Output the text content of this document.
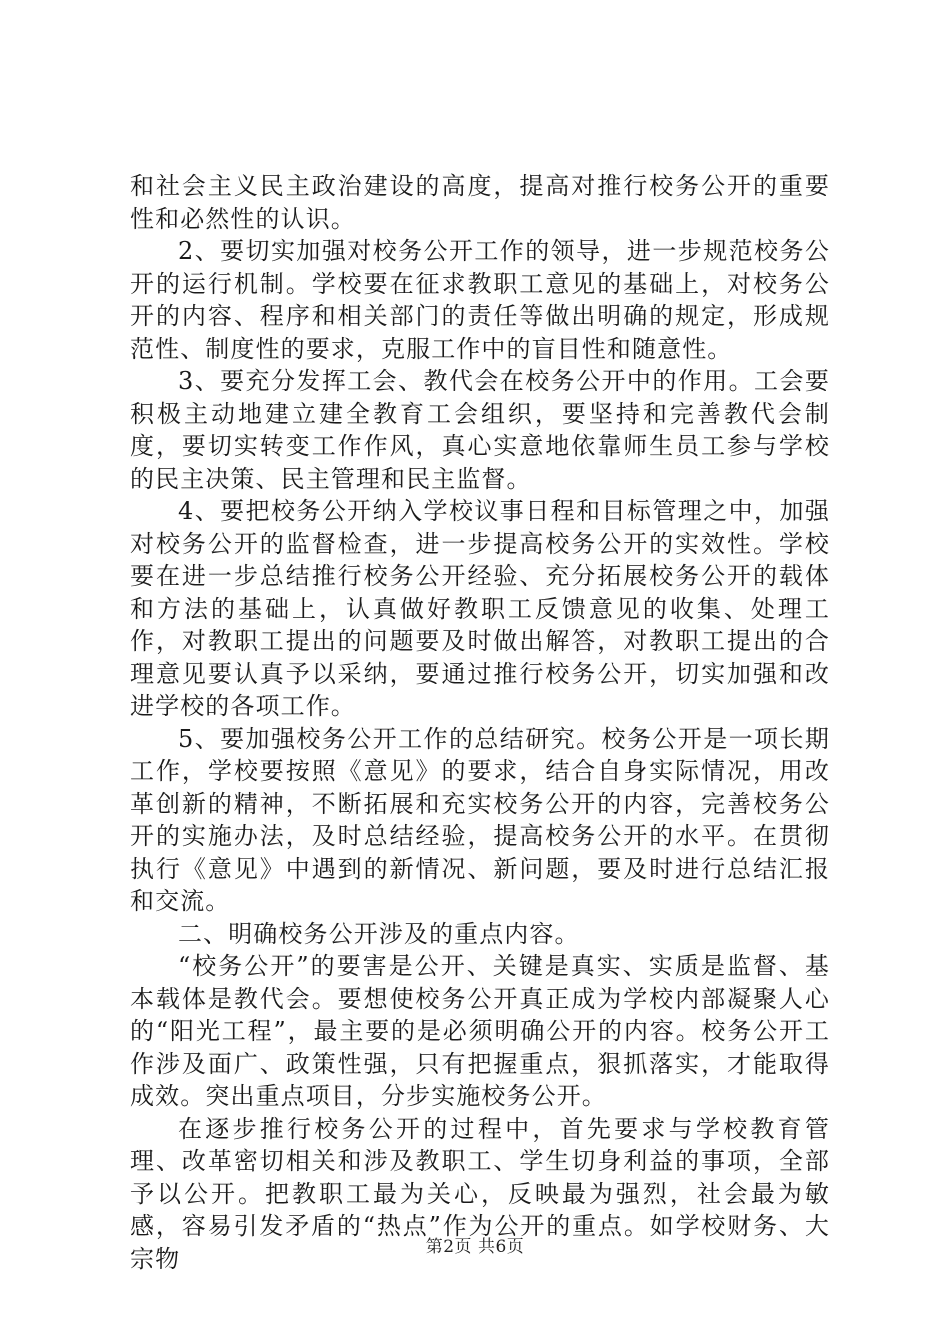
和社会主义民主政治建设的高度，提高对推行校务公开的重要性和必然性的认识。

2、要切实加强对校务公开工作的领导，进一步规范校务公开的运行机制。学校要在征求教职工意见的基础上，对校务公开的内容、程序和相关部门的责任等做出明确的规定，形成规范性、制度性的要求，克服工作中的盲目性和随意性。

3、要充分发挥工会、教代会在校务公开中的作用。工会要积极主动地建立建全教育工会组织，要坚持和完善教代会制度，要切实转变工作作风，真心实意地依靠师生员工参与学校的民主决策、民主管理和民主监督。

4、要把校务公开纳入学校议事日程和目标管理之中，加强对校务公开的监督检查，进一步提高校务公开的实效性。学校要在进一步总结推行校务公开经验、充分拓展校务公开的载体和方法的基础上，认真做好教职工反馈意见的收集、处理工作，对教职工提出的问题要及时做出解答，对教职工提出的合理意见要认真予以采纳，要通过推行校务公开，切实加强和改进学校的各项工作。

5、要加强校务公开工作的总结研究。校务公开是一项长期工作，学校要按照《意见》的要求，结合自身实际情况，用改革创新的精神，不断拓展和充实校务公开的内容，完善校务公开的实施办法，及时总结经验，提高校务公开的水平。在贯彻执行《意见》中遇到的新情况、新问题，要及时进行总结汇报和交流。

二、明确校务公开涉及的重点内容。

“校务公开”的要害是公开、关键是真实、实质是监督、基本载体是教代会。要想使校务公开真正成为学校内部凝聚人心的“阳光工程”，最主要的是必须明确公开的内容。校务公开工作涉及面广、政策性强，只有把握重点，狠抓落实，才能取得成效。突出重点项目，分步实施校务公开。

在逐步推行校务公开的过程中，首先要求与学校教育管理、改革密切相关和涉及教职工、学生切身利益的事项，全部予以公开。把教职工最为关心，反映最为强烈，社会最为敏感，容易引发矛盾的“热点”作为公开的重点。如学校财务、大宗物	第2页 共6页
